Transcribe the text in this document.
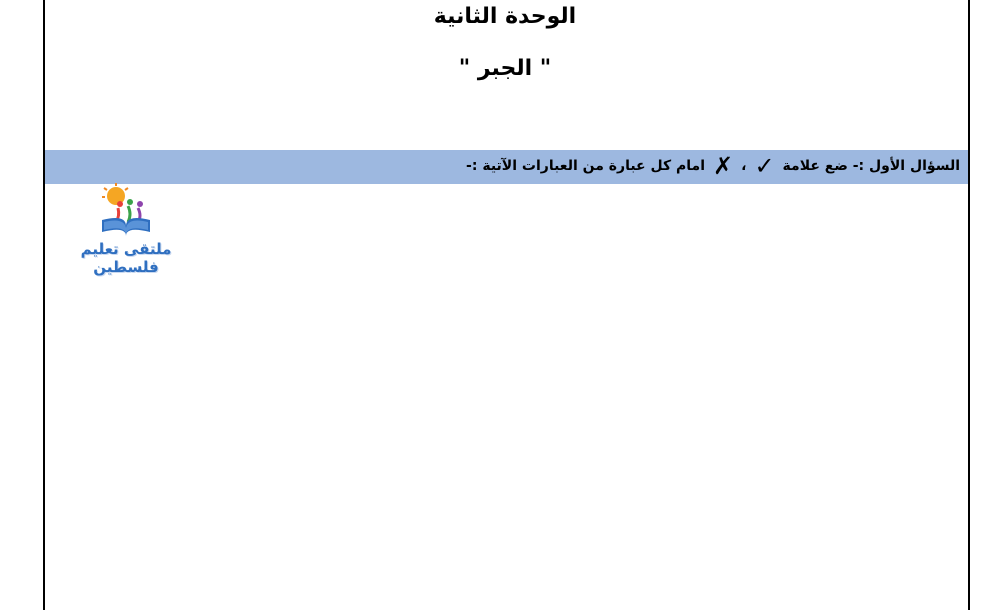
الوحدة الثانية
" الجبر "
السؤال الأول :- ضع علامة
✓
،
✗
امام كل عبارة من العبارات الآتية :-
ملتقى تعليم فلسطين
